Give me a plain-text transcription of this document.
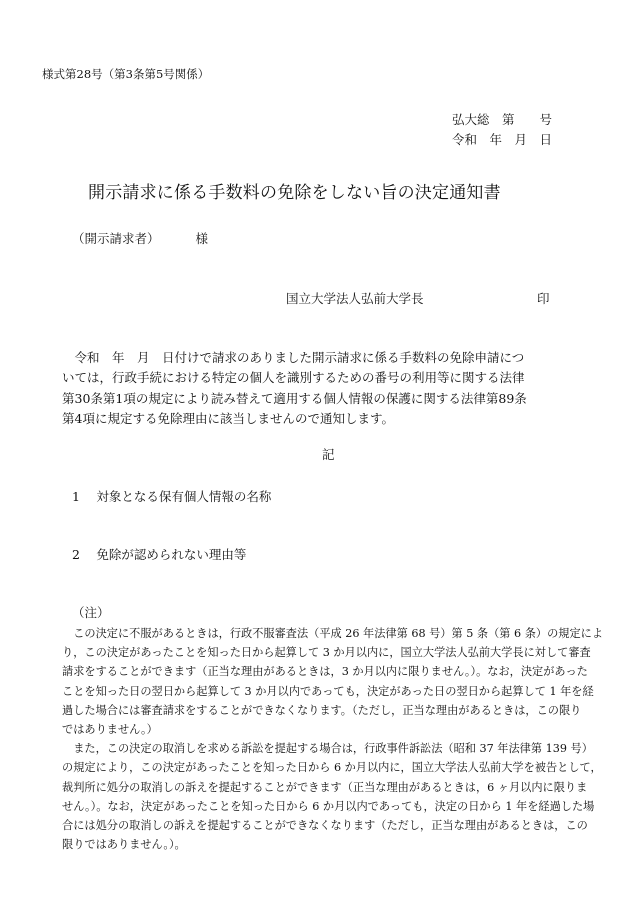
様式第28号（第3条第5号関係）
弘大総　第　　号
令和　年　月　日
開示請求に係る手数料の免除をしない旨の決定通知書
（開示請求者）	様
国立大学法人弘前大学長	印
　令和　年　月　日付けで請求のありました開示請求に係る手数料の免除申請につ
いては，行政手続における特定の個人を識別するための番号の利用等に関する法律
第30条第1項の規定により読み替えて適用する個人情報の保護に関する法律第89条
第4項に規定する免除理由に該当しませんので通知します。
記
1　 対象となる保有個人情報の名称
2　 免除が認められない理由等
（注）
　この決定に不服があるときは，行政不服審査法（平成 26 年法律第 68 号）第 5 条（第 6 条）の規定によ
り，この決定があったことを知った日から起算して 3 か月以内に，国立大学法人弘前大学長に対して審査
請求をすることができます（正当な理由があるときは，3 か月以内に限りません。）。なお，決定があった
ことを知った日の翌日から起算して 3 か月以内であっても，決定があった日の翌日から起算して 1 年を経
過した場合には審査請求をすることができなくなります。（ただし，正当な理由があるときは，この限り
ではありません。）
　また，この決定の取消しを求める訴訟を提起する場合は，行政事件訴訟法（昭和 37 年法律第 139 号）
の規定により，この決定があったことを知った日から 6 か月以内に，国立大学法人弘前大学を被告として，
裁判所に処分の取消しの訴えを提起することができます（正当な理由があるときは，6 ヶ月以内に限りま
せん。）。なお，決定があったことを知った日から 6 か月以内であっても，決定の日から 1 年を経過した場
合には処分の取消しの訴えを提起することができなくなります（ただし，正当な理由があるときは，この
限りではありません。）。
